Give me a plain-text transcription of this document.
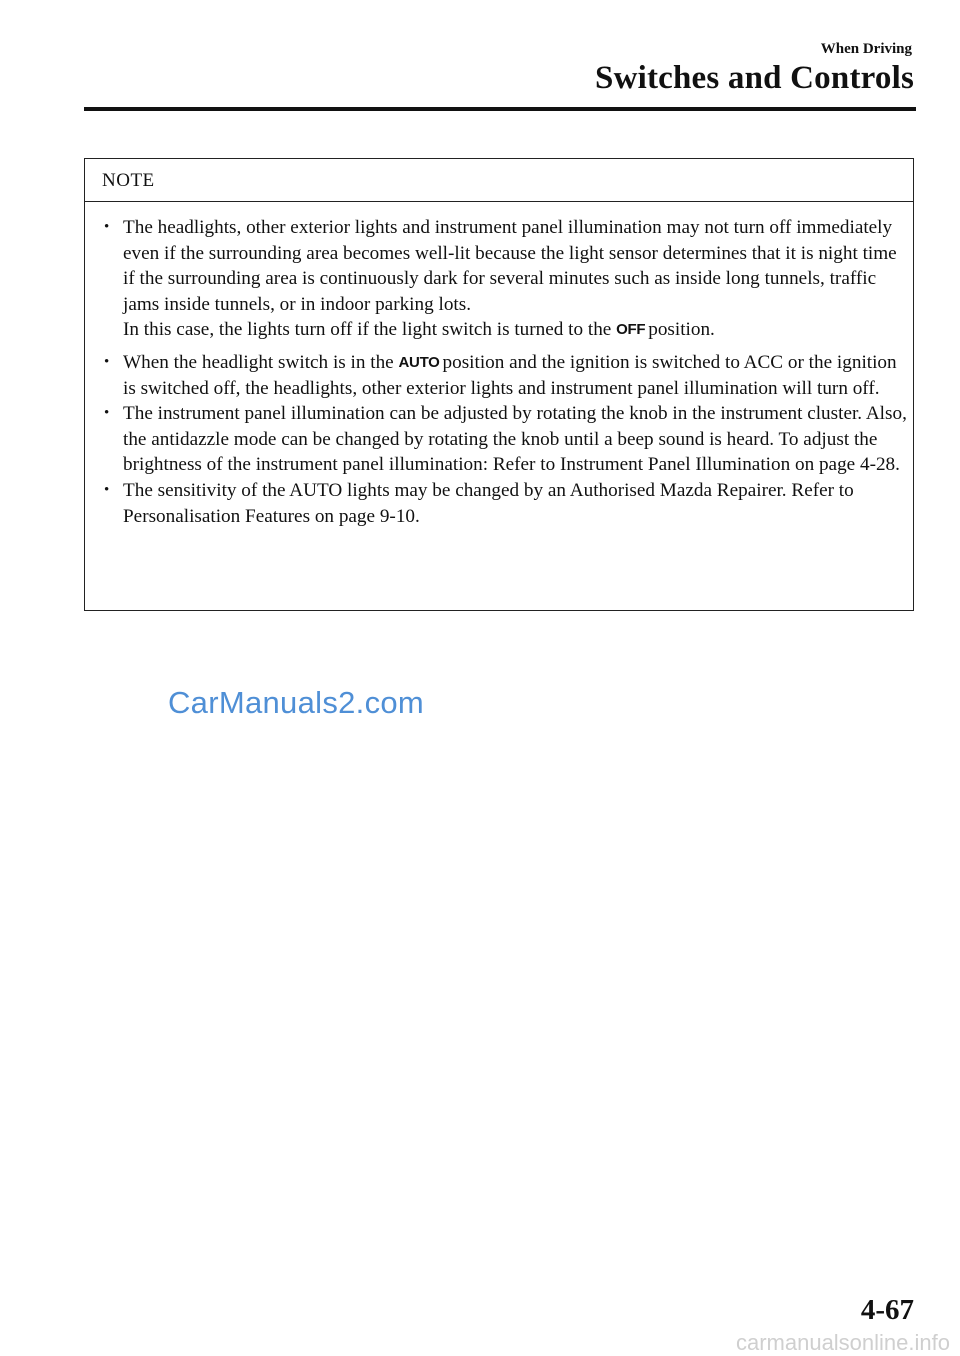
When Driving
Switches and Controls
NOTE
• The headlights, other exterior lights and instrument panel illumination may not turn off immediately even if the surrounding area becomes well-lit because the light sensor determines that it is night time if the surrounding area is continuously dark for several minutes such as inside long tunnels, traffic jams inside tunnels, or in indoor parking lots.
In this case, the lights turn off if the light switch is turned to the OFF position.
• When the headlight switch is in the AUTO position and the ignition is switched to ACC or the ignition is switched off, the headlights, other exterior lights and instrument panel illumination will turn off.
• The instrument panel illumination can be adjusted by rotating the knob in the instrument cluster. Also, the antidazzle mode can be changed by rotating the knob until a beep sound is heard. To adjust the brightness of the instrument panel illumination: Refer to Instrument Panel Illumination on page 4-28.
• The sensitivity of the AUTO lights may be changed by an Authorised Mazda Repairer. Refer to Personalisation Features on page 9-10.
CarManuals2.com
4-67
carmanualsonline.info
